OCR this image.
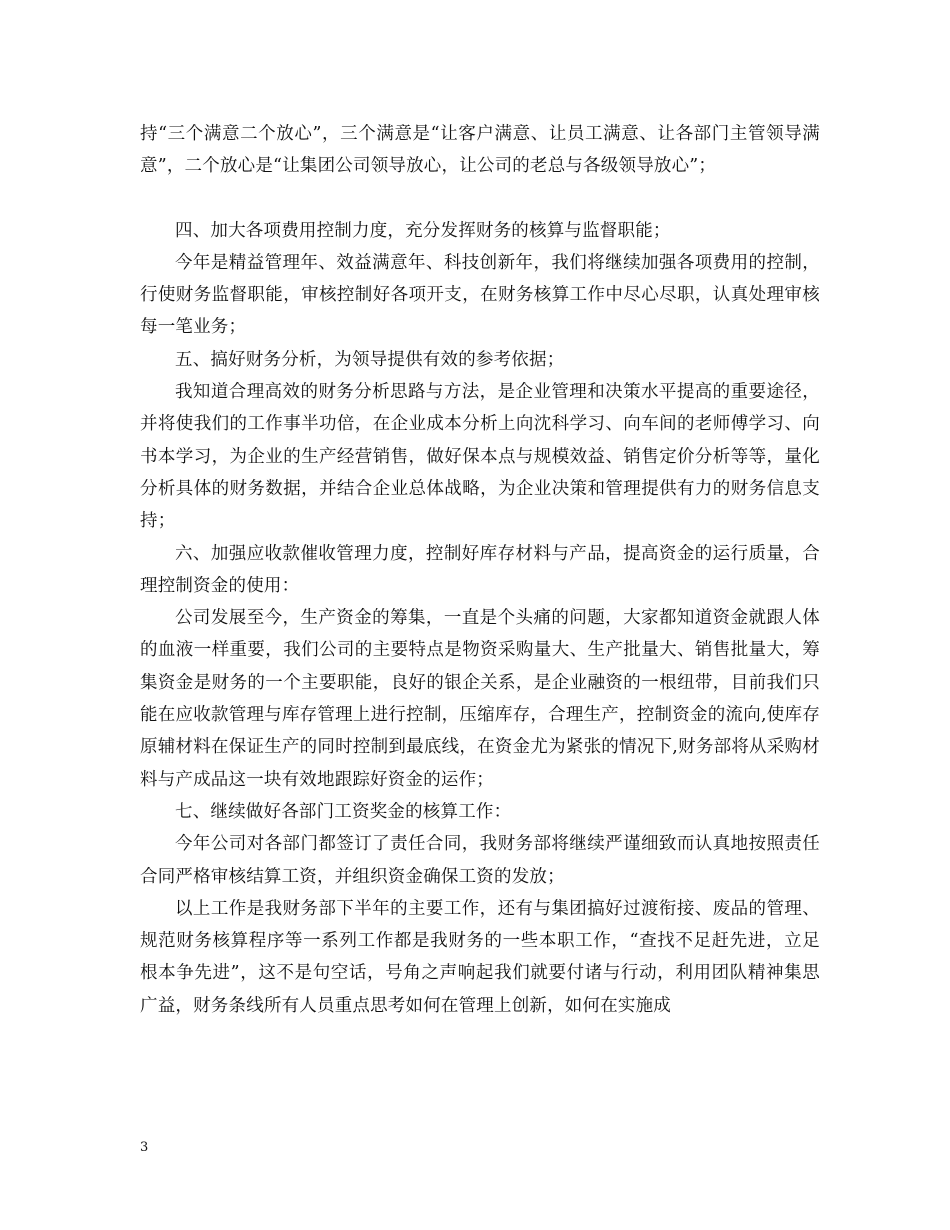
持“三个满意二个放心”，三个满意是“让客户满意、让员工满意、让各部门主管领导满意”，二个放心是“让集团公司领导放心，让公司的老总与各级领导放心”；

四、加大各项费用控制力度，充分发挥财务的核算与监督职能；

今年是精益管理年、效益满意年、科技创新年，我们将继续加强各项费用的控制，行使财务监督职能，审核控制好各项开支，在财务核算工作中尽心尽职，认真处理审核每一笔业务；

五、搞好财务分析，为领导提供有效的参考依据；

我知道合理高效的财务分析思路与方法，是企业管理和决策水平提高的重要途径，并将使我们的工作事半功倍，在企业成本分析上向沈科学习、向车间的老师傅学习、向书本学习，为企业的生产经营销售，做好保本点与规模效益、销售定价分析等等，量化分析具体的财务数据，并结合企业总体战略，为企业决策和管理提供有力的财务信息支持；

六、加强应收款催收管理力度，控制好库存材料与产品，提高资金的运行质量，合理控制资金的使用：

公司发展至今，生产资金的筹集，一直是个头痛的问题，大家都知道资金就跟人体的血液一样重要，我们公司的主要特点是物资采购量大、生产批量大、销售批量大，筹集资金是财务的一个主要职能，良好的银企关系，是企业融资的一根纽带，目前我们只能在应收款管理与库存管理上进行控制，压缩库存，合理生产，控制资金的流向,使库存原辅材料在保证生产的同时控制到最底线，在资金尤为紧张的情况下,财务部将从采购材料与产成品这一块有效地跟踪好资金的运作；

七、继续做好各部门工资奖金的核算工作：

今年公司对各部门都签订了责任合同，我财务部将继续严谨细致而认真地按照责任合同严格审核结算工资，并组织资金确保工资的发放；

以上工作是我财务部下半年的主要工作，还有与集团搞好过渡衔接、废品的管理、规范财务核算程序等一系列工作都是我财务的一些本职工作，“查找不足赶先进，立足根本争先进”，这不是句空话，号角之声响起我们就要付诸与行动，利用团队精神集思广益，财务条线所有人员重点思考如何在管理上创新，如何在实施成

3
